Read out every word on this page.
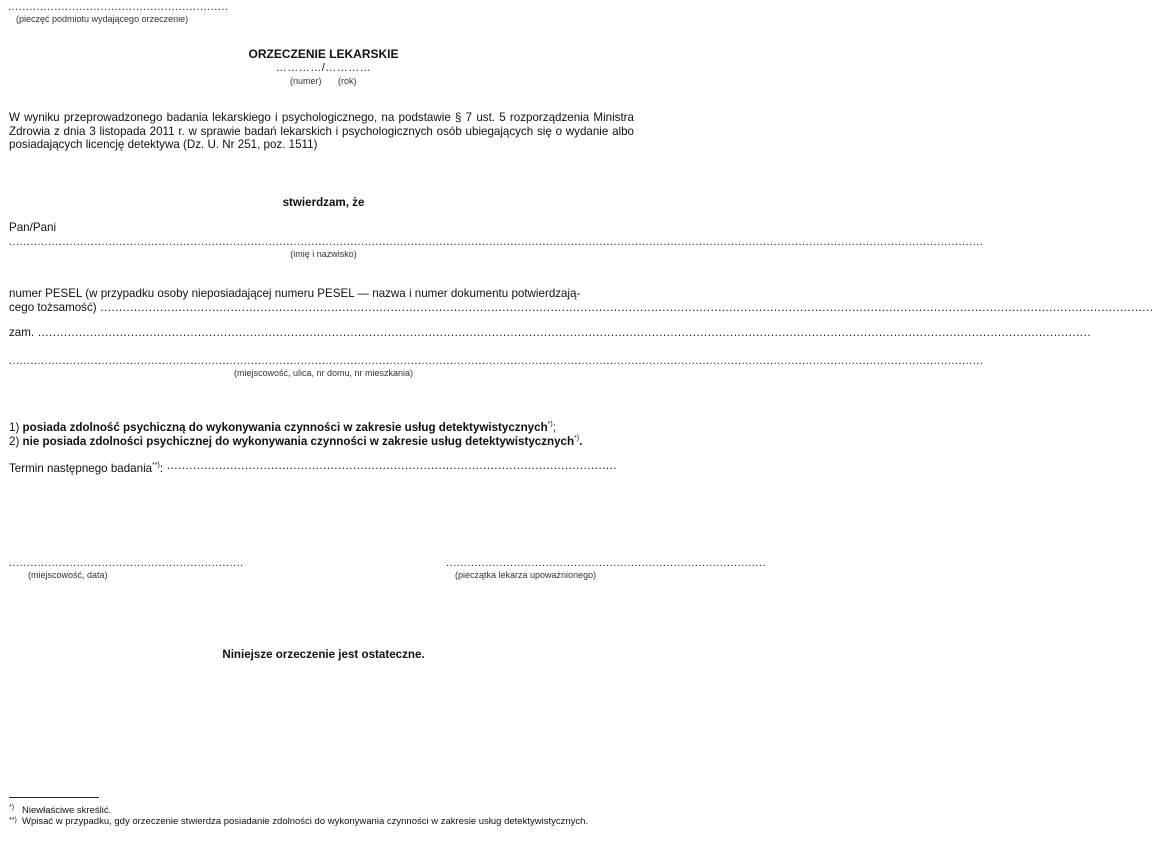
..............................................................
(pieczęć podmiotu wydającego orzeczenie)
ORZECZENIE LEKARSKIE
…………/…………
(numer) (rok)
W wyniku przeprowadzonego badania lekarskiego i psychologicznego, na podstawie § 7 ust. 5 rozporządzenia Ministra Zdrowia z dnia 3 listopada 2011 r. w sprawie badań lekarskich i psychologicznych osób ubiegających się o wydanie albo posiadających licencję detektywa (Dz. U. Nr 251, poz. 1511)
stwierdzam, że
Pan/Pani
..................................................................................................................................................................................................................................................................................
(imię i nazwisko)
numer PESEL (w przypadku osoby nieposiadającej numeru PESEL — nazwa i numer dokumentu potwierdzają-
cego tożsamość) ...........................................................................................................................................................................................................................................................................................
zam. ...........................................................................................................................................................................................................................................................................................
..................................................................................................................................................................................................................................................................................
(miejscowość, ulica, nr domu, nr mieszkania)
1) posiada zdolność psychiczną do wykonywania czynności w zakresie usług detektywistycznych*);
2) nie posiada zdolności psychicznej do wykonywania czynności w zakresie usług detektywistycznych*).
Termin następnego badania**): .........................................................................................................................
..................................................................
(miejscowość, data)
..........................................................................................
(pieczątka lekarza upoważnionego)
Niniejsze orzeczenie jest ostateczne.
*) Niewłaściwe skreślić.
**) Wpisać w przypadku, gdy orzeczenie stwierdza posiadanie zdolności do wykonywania czynności w zakresie usług detektywistycznych.
